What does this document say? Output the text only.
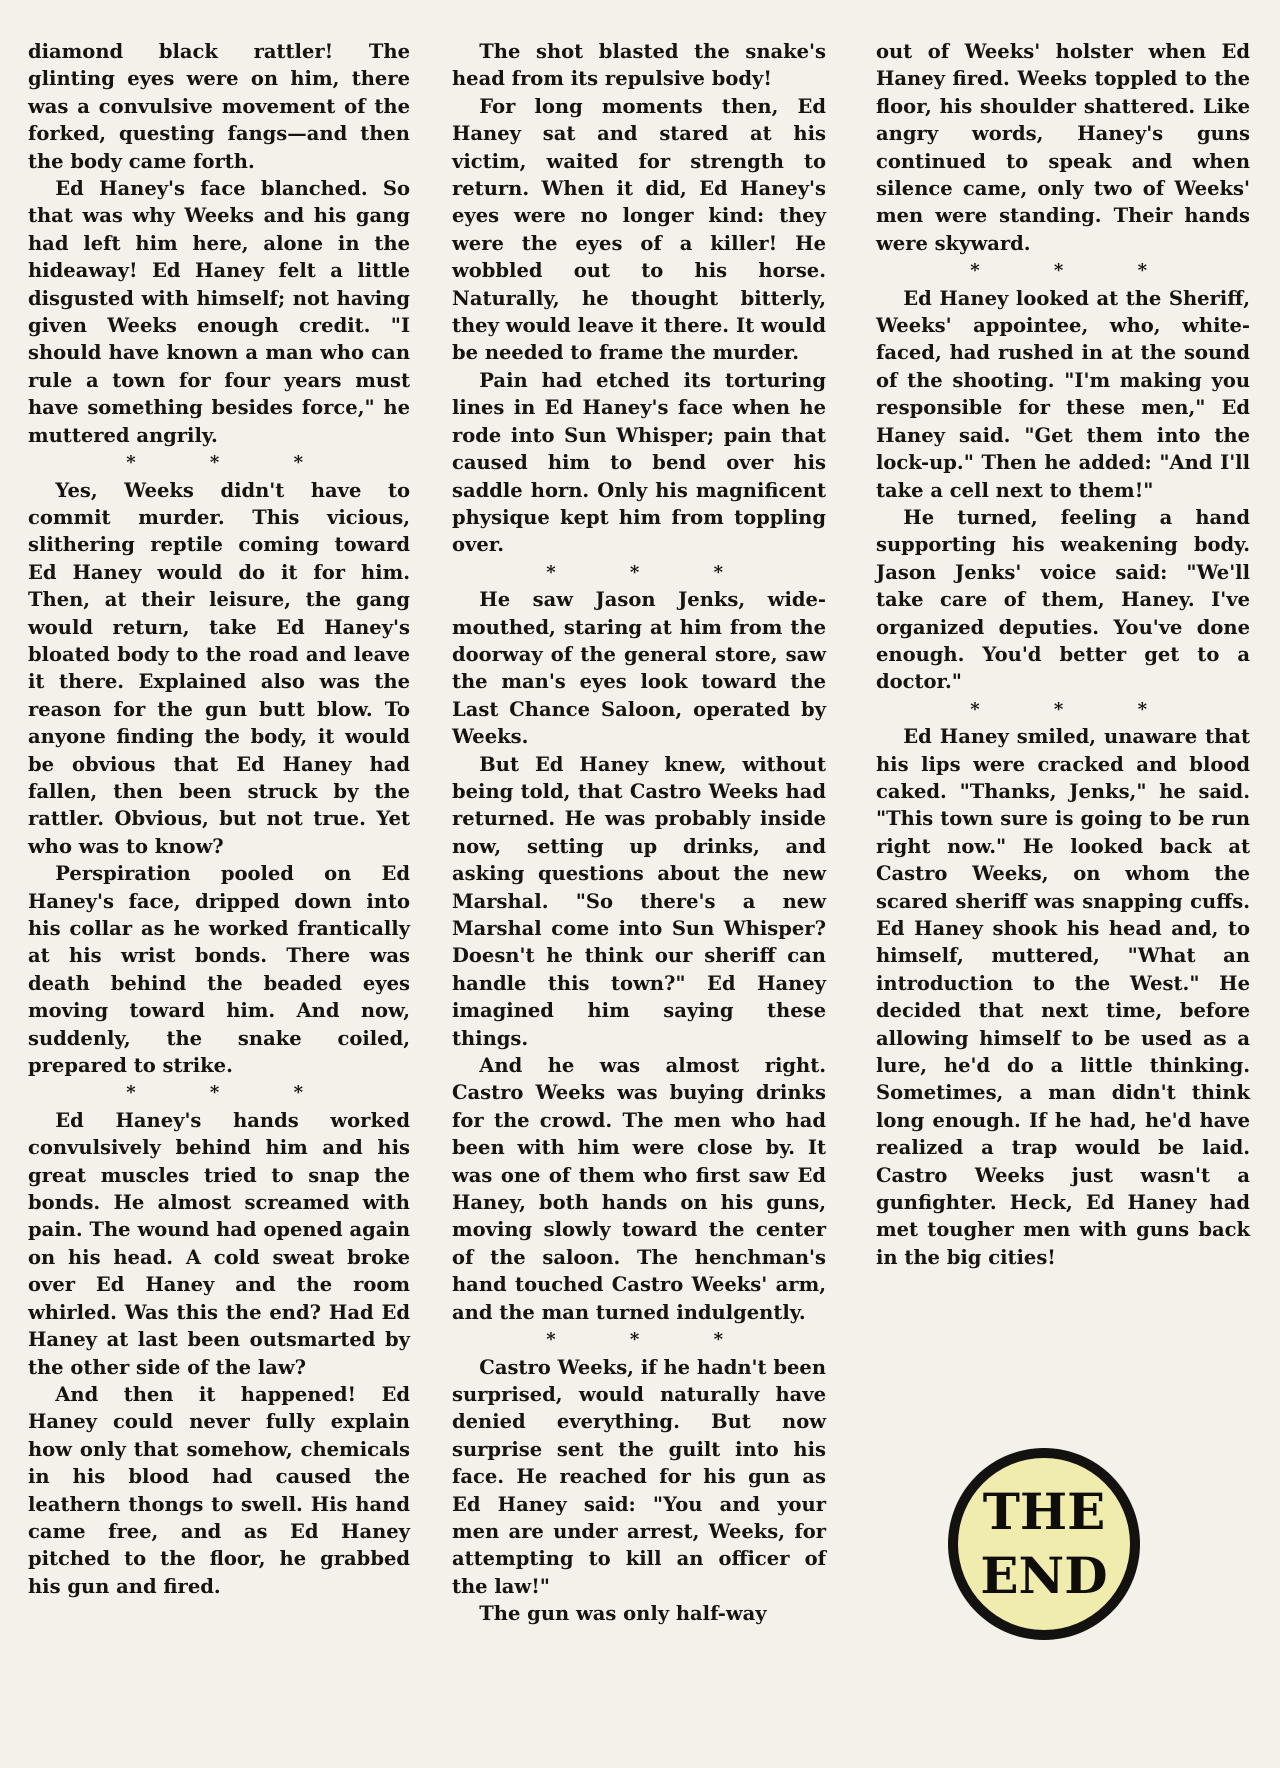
diamond black rattler! The glinting eyes were on him, there was a convulsive movement of the forked, questing fangs—and then the body came forth.

Ed Haney's face blanched. So that was why Weeks and his gang had left him here, alone in the hideaway! Ed Haney felt a little disgusted with himself; not having given Weeks enough credit. "I should have known a man who can rule a town for four years must have something besides force," he muttered angrily.

* * *

Yes, Weeks didn't have to commit murder. This vicious, slithering reptile coming toward Ed Haney would do it for him. Then, at their leisure, the gang would return, take Ed Haney's bloated body to the road and leave it there. Explained also was the reason for the gun butt blow. To anyone finding the body, it would be obvious that Ed Haney had fallen, then been struck by the rattler. Obvious, but not true. Yet who was to know?

Perspiration pooled on Ed Haney's face, dripped down into his collar as he worked frantically at his wrist bonds. There was death behind the beaded eyes moving toward him. And now, suddenly, the snake coiled, prepared to strike.

* * *

Ed Haney's hands worked convulsively behind him and his great muscles tried to snap the bonds. He almost screamed with pain. The wound had opened again on his head. A cold sweat broke over Ed Haney and the room whirled. Was this the end? Had Ed Haney at last been outsmarted by the other side of the law?

And then it happened! Ed Haney could never fully explain how only that somehow, chemicals in his blood had caused the leathern thongs to swell. His hand came free, and as Ed Haney pitched to the floor, he grabbed his gun and fired.

The shot blasted the snake's head from its repulsive body!

For long moments then, Ed Haney sat and stared at his victim, waited for strength to return. When it did, Ed Haney's eyes were no longer kind: they were the eyes of a killer! He wobbled out to his horse. Naturally, he thought bitterly, they would leave it there. It would be needed to frame the murder.

Pain had etched its torturing lines in Ed Haney's face when he rode into Sun Whisper; pain that caused him to bend over his saddle horn. Only his magnificent physique kept him from toppling over.

* * *

He saw Jason Jenks, wide-mouthed, staring at him from the doorway of the general store, saw the man's eyes look toward the Last Chance Saloon, operated by Weeks.

But Ed Haney knew, without being told, that Castro Weeks had returned. He was probably inside now, setting up drinks, and asking questions about the new Marshal. "So there's a new Marshal come into Sun Whisper? Doesn't he think our sheriff can handle this town?" Ed Haney imagined him saying these things.

And he was almost right. Castro Weeks was buying drinks for the crowd. The men who had been with him were close by. It was one of them who first saw Ed Haney, both hands on his guns, moving slowly toward the center of the saloon. The henchman's hand touched Castro Weeks' arm, and the man turned indulgently.

* * *

Castro Weeks, if he hadn't been surprised, would naturally have denied everything. But now surprise sent the guilt into his face. He reached for his gun as Ed Haney said: "You and your men are under arrest, Weeks, for attempting to kill an officer of the law!"

The gun was only half-way

out of Weeks' holster when Ed Haney fired. Weeks toppled to the floor, his shoulder shattered. Like angry words, Haney's guns continued to speak and when silence came, only two of Weeks' men were standing. Their hands were skyward.

* * *

Ed Haney looked at the Sheriff, Weeks' appointee, who, white-faced, had rushed in at the sound of the shooting. "I'm making you responsible for these men," Ed Haney said. "Get them into the lock-up." Then he added: "And I'll take a cell next to them!"

He turned, feeling a hand supporting his weakening body. Jason Jenks' voice said: "We'll take care of them, Haney. I've organized deputies. You've done enough. You'd better get to a doctor."

* * *

Ed Haney smiled, unaware that his lips were cracked and blood caked. "Thanks, Jenks," he said. "This town sure is going to be run right now." He looked back at Castro Weeks, on whom the scared sheriff was snapping cuffs. Ed Haney shook his head and, to himself, muttered, "What an introduction to the West." He decided that next time, before allowing himself to be used as a lure, he'd do a little thinking. Sometimes, a man didn't think long enough. If he had, he'd have realized a trap would be laid. Castro Weeks just wasn't a gunfighter. Heck, Ed Haney had met tougher men with guns back in the big cities!

THE
END
